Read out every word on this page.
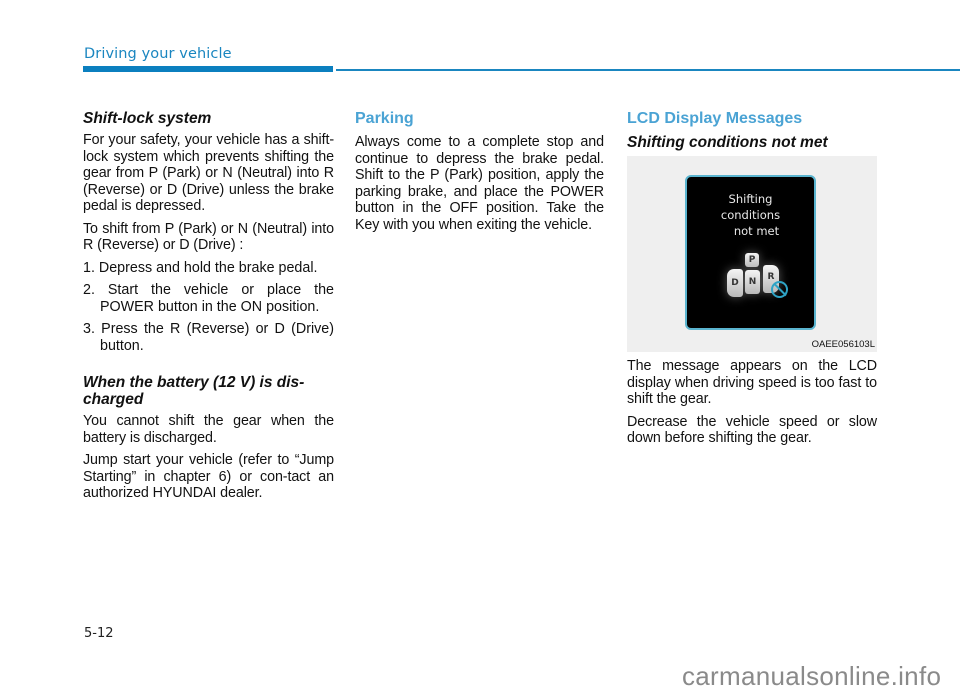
Driving your vehicle
Shift-lock system

For your safety, your vehicle has a shift-lock system which prevents shifting the gear from P (Park) or N (Neutral) into R (Reverse) or D (Drive) unless the brake pedal is depressed.

To shift from P (Park) or N (Neutral) into R (Reverse) or D (Drive) :

1. Depress and hold the brake pedal.
2. Start the vehicle or place the POWER button in the ON position.
3. Press the R (Reverse) or D (Drive) button.
When the battery (12 V) is dis-charged

You cannot shift the gear when the battery is discharged.

Jump start your vehicle (refer to “Jump Starting” in chapter 6) or con-tact an authorized HYUNDAI dealer.

Parking

Always come to a complete stop and continue to depress the brake pedal. Shift to the P (Park) position, apply the parking brake, and place the POWER button in the OFF position. Take the Key with you when exiting the vehicle.

LCD Display Messages
Shifting conditions not met
Shifting
conditions
not met
P
D	N	R
OAEE056103L

The message appears on the LCD display when driving speed is too fast to shift the gear.

Decrease the vehicle speed or slow down before shifting the gear.

5-12
carmanualsonline.info
